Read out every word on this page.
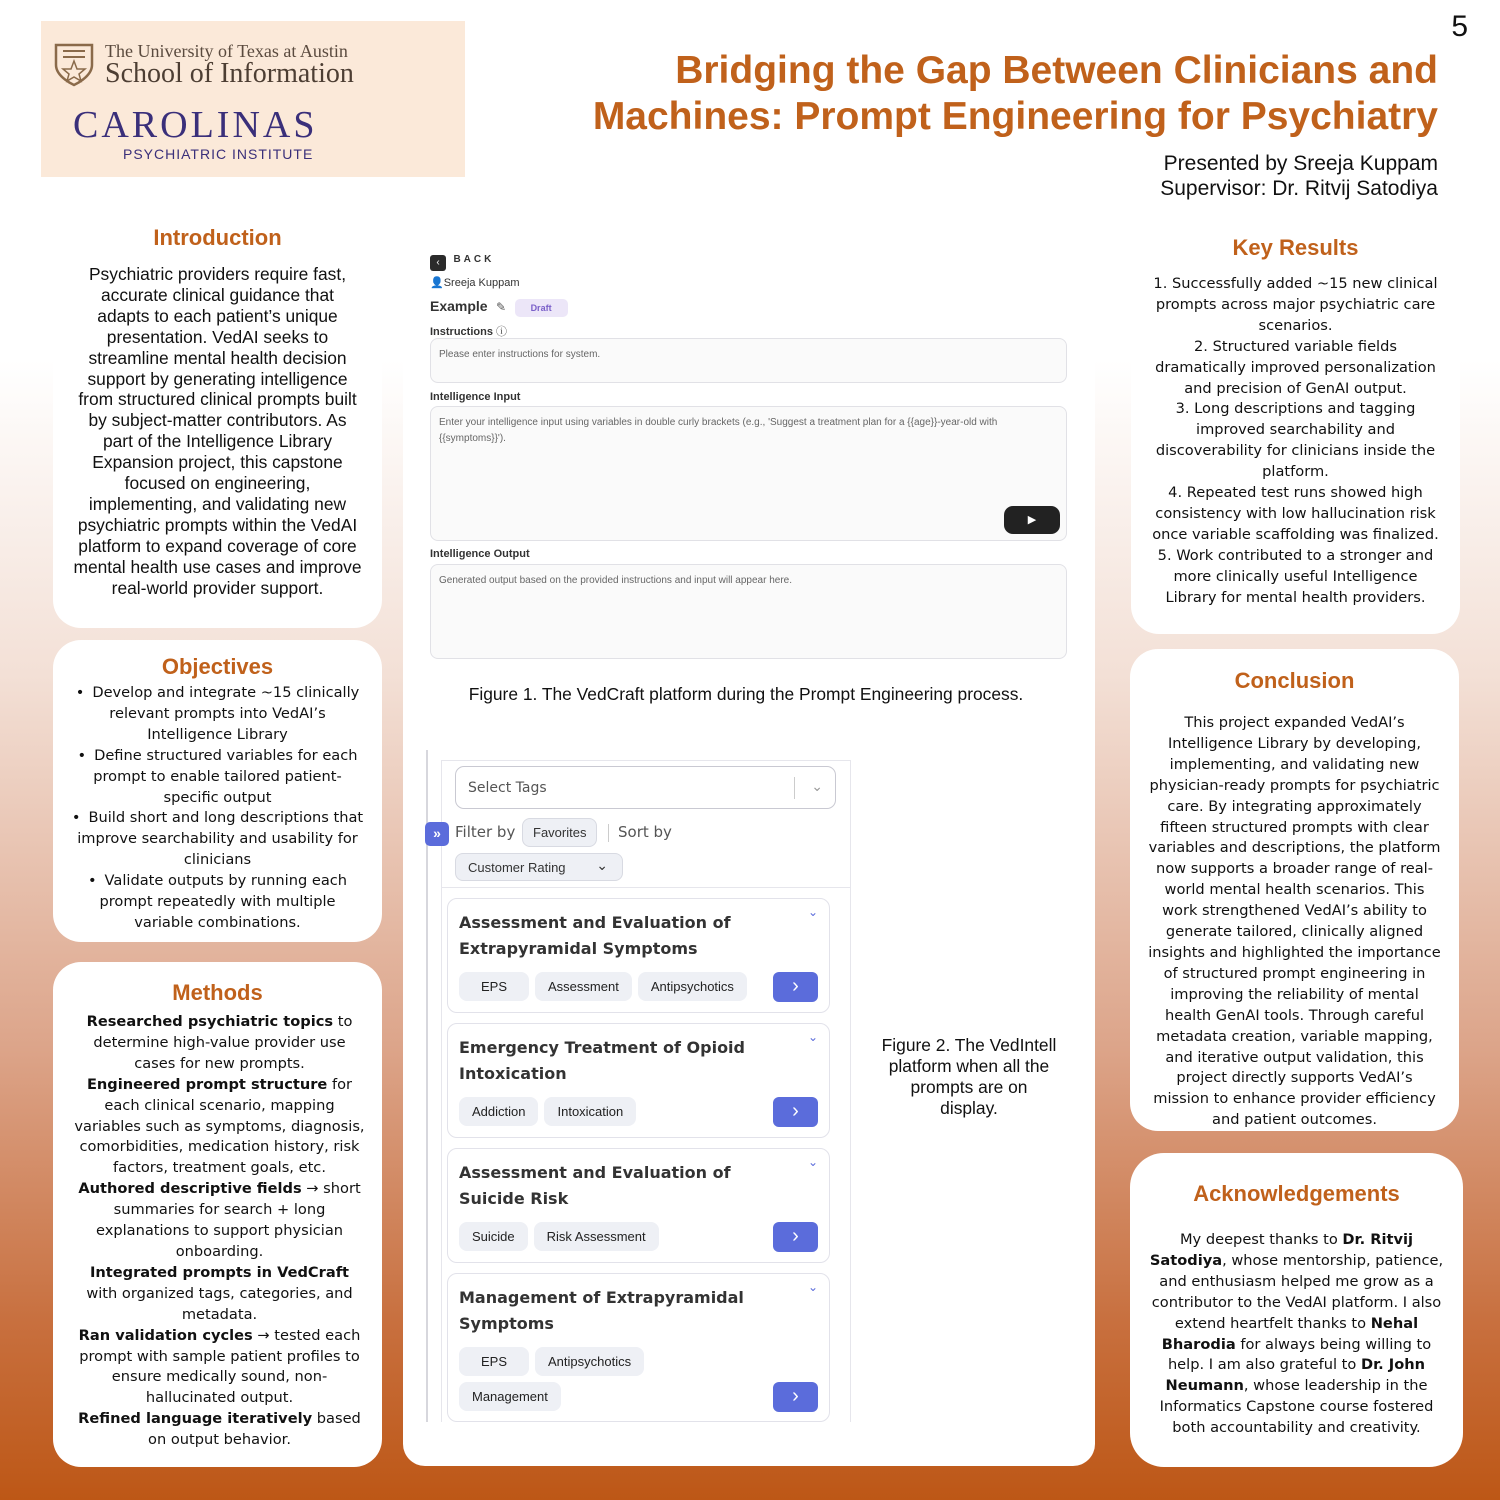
The University of Texas at Austin
School of Information
CAROLINAS
PSYCHIATRIC INSTITUTE
5
Bridging the Gap Between Clinicians and
Machines: Prompt Engineering for Psychiatry
Presented by Sreeja Kuppam
Supervisor: Dr. Ritvij Satodiya
Introduction
Psychiatric providers require fast, accurate clinical guidance that adapts to each patient’s unique presentation. VedAI seeks to streamline mental health decision support by generating intelligence from structured clinical prompts built by subject-matter contributors. As part of the Intelligence Library Expansion project, this capstone focused on engineering, implementing, and validating new psychiatric prompts within the VedAI platform to expand coverage of core mental health use cases and improve real-world provider support.
Objectives
• Develop and integrate ~15 clinically relevant prompts into VedAI’s Intelligence Library
• Define structured variables for each prompt to enable tailored patient-specific output
• Build short and long descriptions that improve searchability and usability for clinicians
• Validate outputs by running each prompt repeatedly with multiple variable combinations.
Methods
Researched psychiatric topics to determine high-value provider use cases for new prompts.
Engineered prompt structure for each clinical scenario, mapping variables such as symptoms, diagnosis, comorbidities, medication history, risk factors, treatment goals, etc.
Authored descriptive fields → short summaries for search + long explanations to support physician onboarding.
Integrated prompts in VedCraft with organized tags, categories, and metadata.
Ran validation cycles → tested each prompt with sample patient profiles to ensure medically sound, non-hallucinated output.
Refined language iteratively based on output behavior.
‹ $^{BACK}$
👤Sreeja Kuppam
Example ✎	Draft
Instructions ⓘ
Please enter instructions for system.
Intelligence Input
Enter your intelligence input using variables in double curly brackets (e.g., 'Suggest a treatment plan for a {{age}}-year-old with {{symptoms}}').
▶
Intelligence Output
Generated output based on the provided instructions and input will appear here.
Figure 1. The VedCraft platform during the Prompt Engineering process.
Select Tags	⌄
» Filter by	Favorites	Sort by
Customer Rating ⌄
⌄
Assessment and Evaluation of Extrapyramidal Symptoms
EPS	Assessment Antipsychotics	›
⌄
Emergency Treatment of Opioid Intoxication
Addiction Intoxication	›
⌄
Assessment and Evaluation of Suicide Risk
Suicide Risk Assessment	›
⌄
Management of Extrapyramidal Symptoms
EPS	Antipsychotics
Management	›
Figure 2. The VedIntell platform when all the prompts are on display.
Key Results
1. Successfully added ~15 new clinical prompts across major psychiatric care scenarios.
2. Structured variable fields dramatically improved personalization and precision of GenAI output.
3. Long descriptions and tagging improved searchability and discoverability for clinicians inside the platform.
4. Repeated test runs showed high consistency with low hallucination risk once variable scaffolding was finalized.
5. Work contributed to a stronger and more clinically useful Intelligence Library for mental health providers.
Conclusion
This project expanded VedAI’s Intelligence Library by developing, implementing, and validating new physician-ready prompts for psychiatric care. By integrating approximately fifteen structured prompts with clear variables and descriptions, the platform now supports a broader range of real-world mental health scenarios. This work strengthened VedAI’s ability to generate tailored, clinically aligned insights and highlighted the importance of structured prompt engineering in improving the reliability of mental health GenAI tools. Through careful metadata creation, variable mapping, and iterative output validation, this project directly supports VedAI’s mission to enhance provider efficiency and patient outcomes.
Acknowledgements
My deepest thanks to Dr. Ritvij Satodiya, whose mentorship, patience, and enthusiasm helped me grow as a contributor to the VedAI platform. I also extend heartfelt thanks to Nehal Bharodia for always being willing to help. I am also grateful to Dr. John Neumann, whose leadership in the Informatics Capstone course fostered both accountability and creativity.
